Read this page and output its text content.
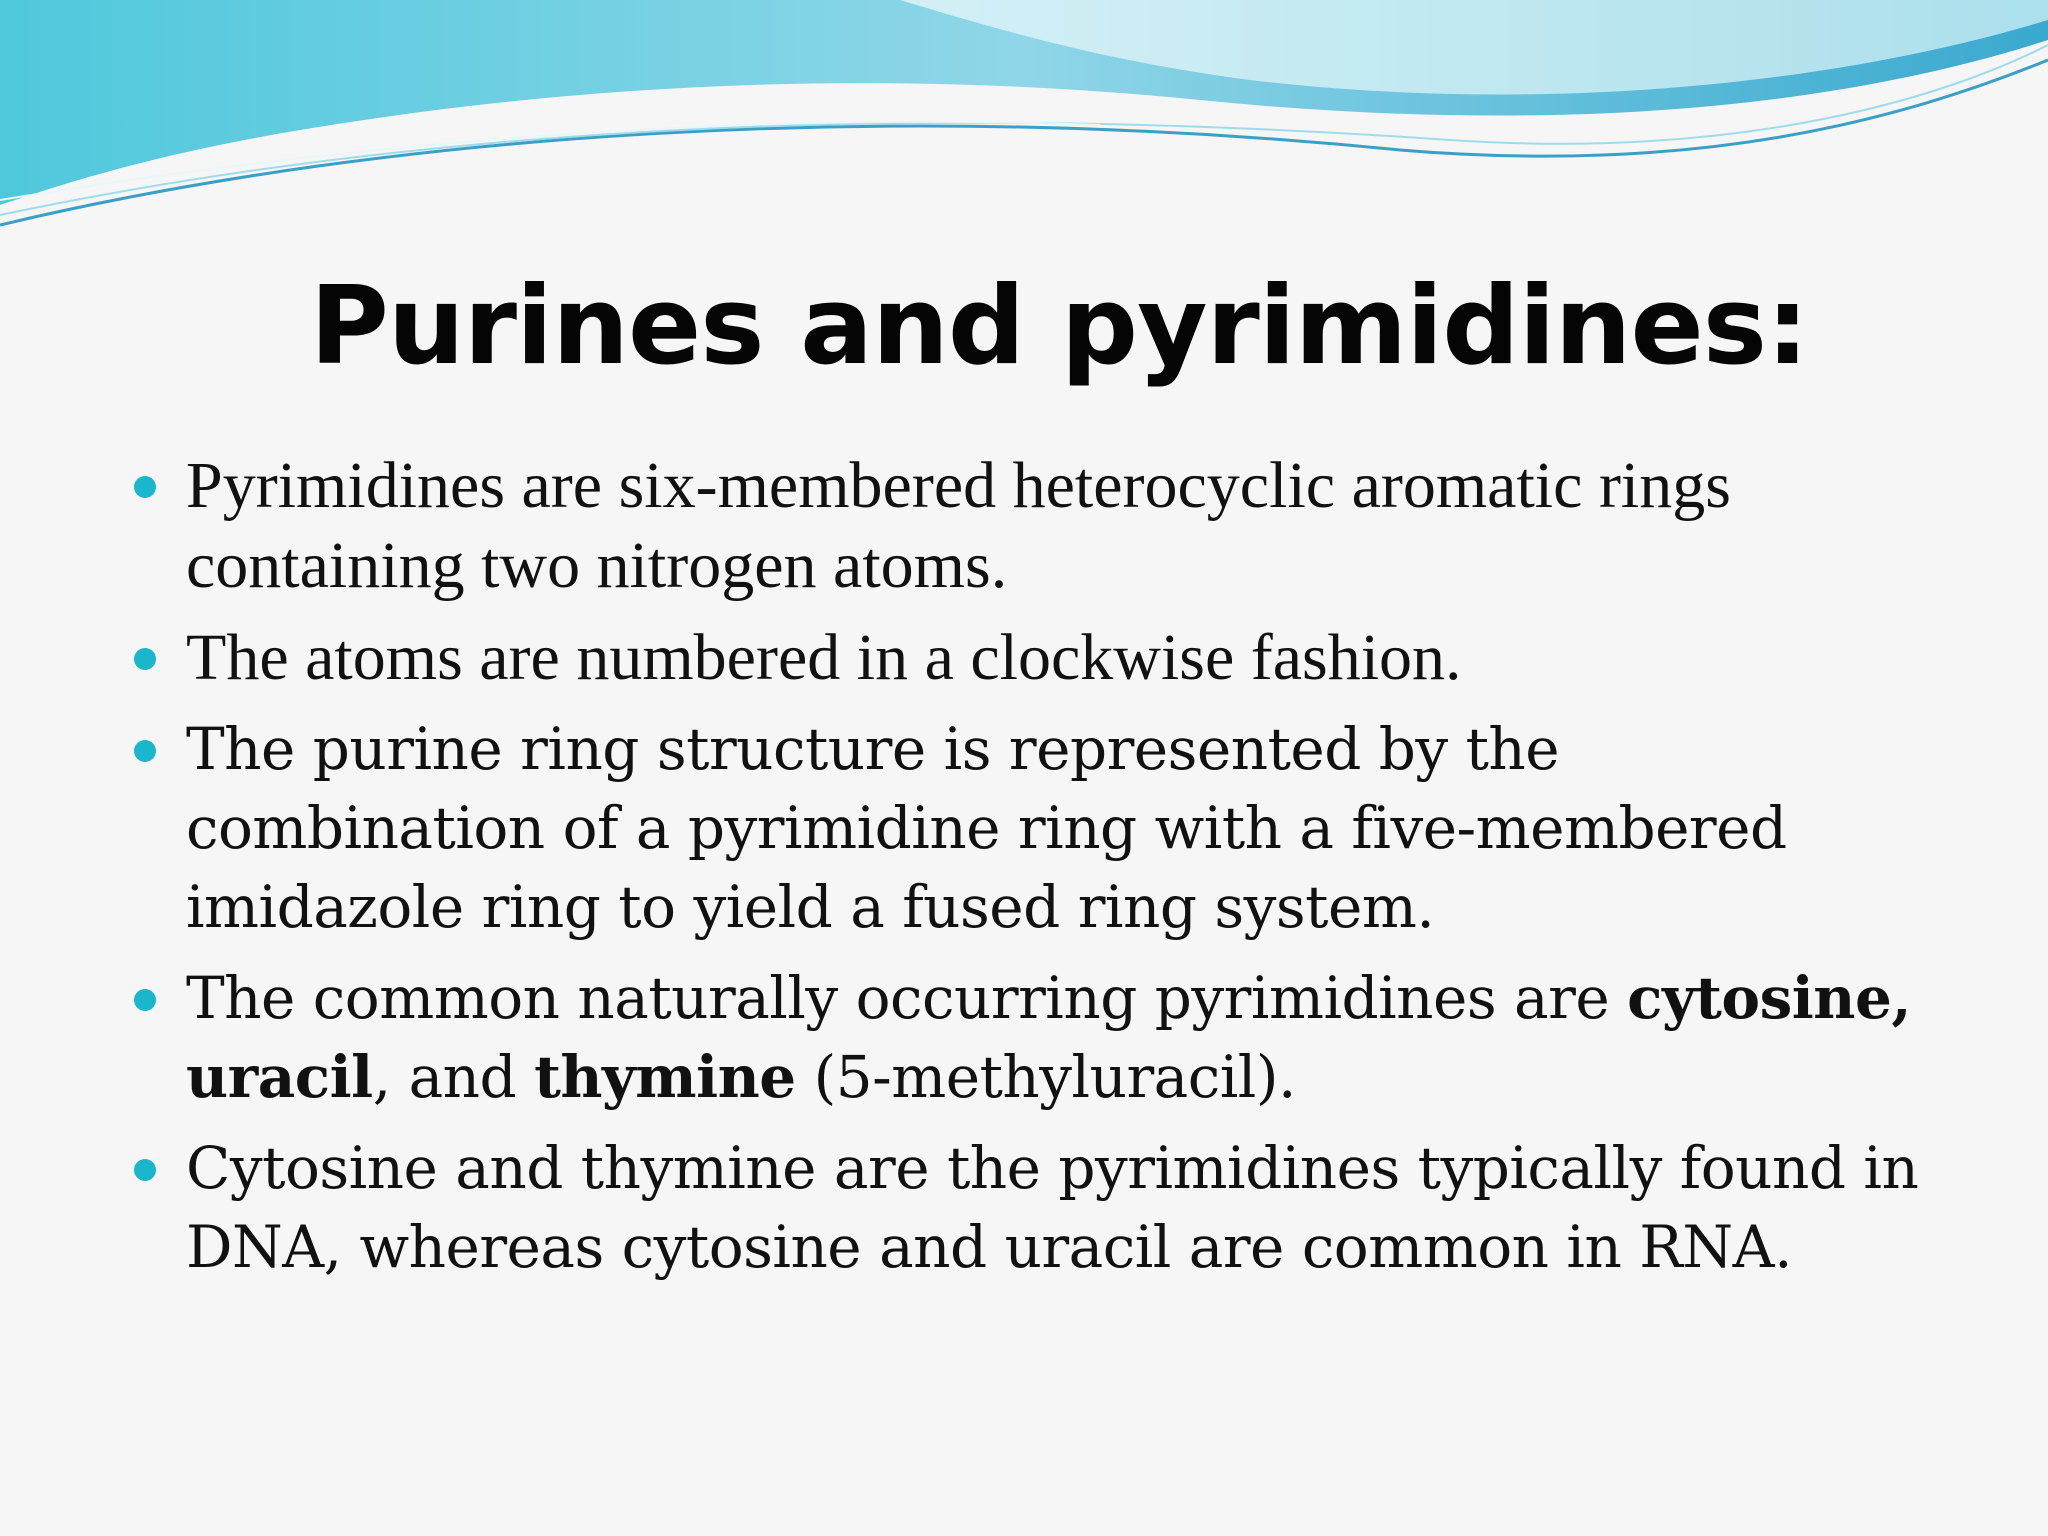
Purines and pyrimidines:
Pyrimidines are six-membered heterocyclic aromatic rings containing two nitrogen atoms.
The atoms are numbered in a clockwise fashion.
The purine ring structure is represented by the combination of a pyrimidine ring with a five-membered imidazole ring to yield a fused ring system.
The common naturally occurring pyrimidines are cytosine, uracil, and thymine (5-methyluracil).
Cytosine and thymine are the pyrimidines typically found in DNA, whereas cytosine and uracil are common in RNA.
